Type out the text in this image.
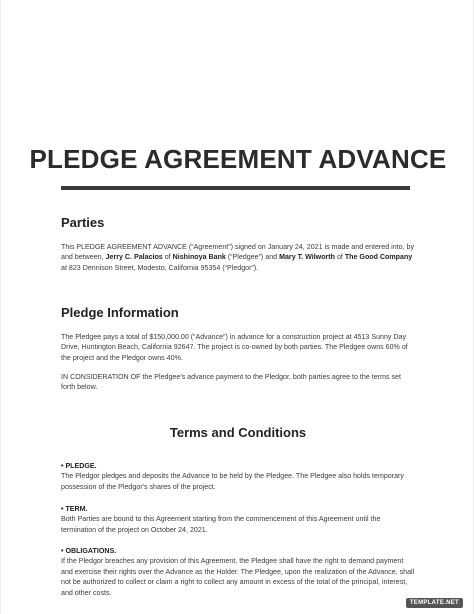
PLEDGE AGREEMENT ADVANCE
Parties
This PLEDGE AGREEMENT ADVANCE (“Agreement”) signed on January 24, 2021 is made and entered into, by and between, Jerry C. Palacios of Nishinoya Bank (“Pledgee”) and Mary T. Wilworth of The Good Company at 823 Dennison Street, Modesto, California 95354 (“Pledgor”).
Pledge Information
The Pledgee pays a total of $150,000.00 (“Advance”) in advance for a construction project at 4513 Sunny Day Drive, Huntington Beach, California 92647. The project is co-owned by both parties. The Pledgee owns 60% of the project and the Pledgor owns 40%.
IN CONSIDERATION OF the Pledgee's advance payment to the Pledgor, both parties agree to the terms set forth below.
Terms and Conditions
• PLEDGE.
The Pledgor pledges and deposits the Advance to be held by the Pledgee. The Pledgee also holds temporary possession of the Pledgor's shares of the project.
• TERM.
Both Parties are bound to this Agreement starting from the commencement of this Agreement until the termination of the project on October 24, 2021.
• OBLIGATIONS.
If the Pledgor breaches any provision of this Agreement, the Pledgee shall have the right to demand payment and exercise their rights over the Advance as the Holder. The Pledgee, upon the realization of the Advance, shall not be authorized to collect or claim a right to collect any amount in excess of the total of the principal, interest, and other costs.
TEMPLATE.NET
